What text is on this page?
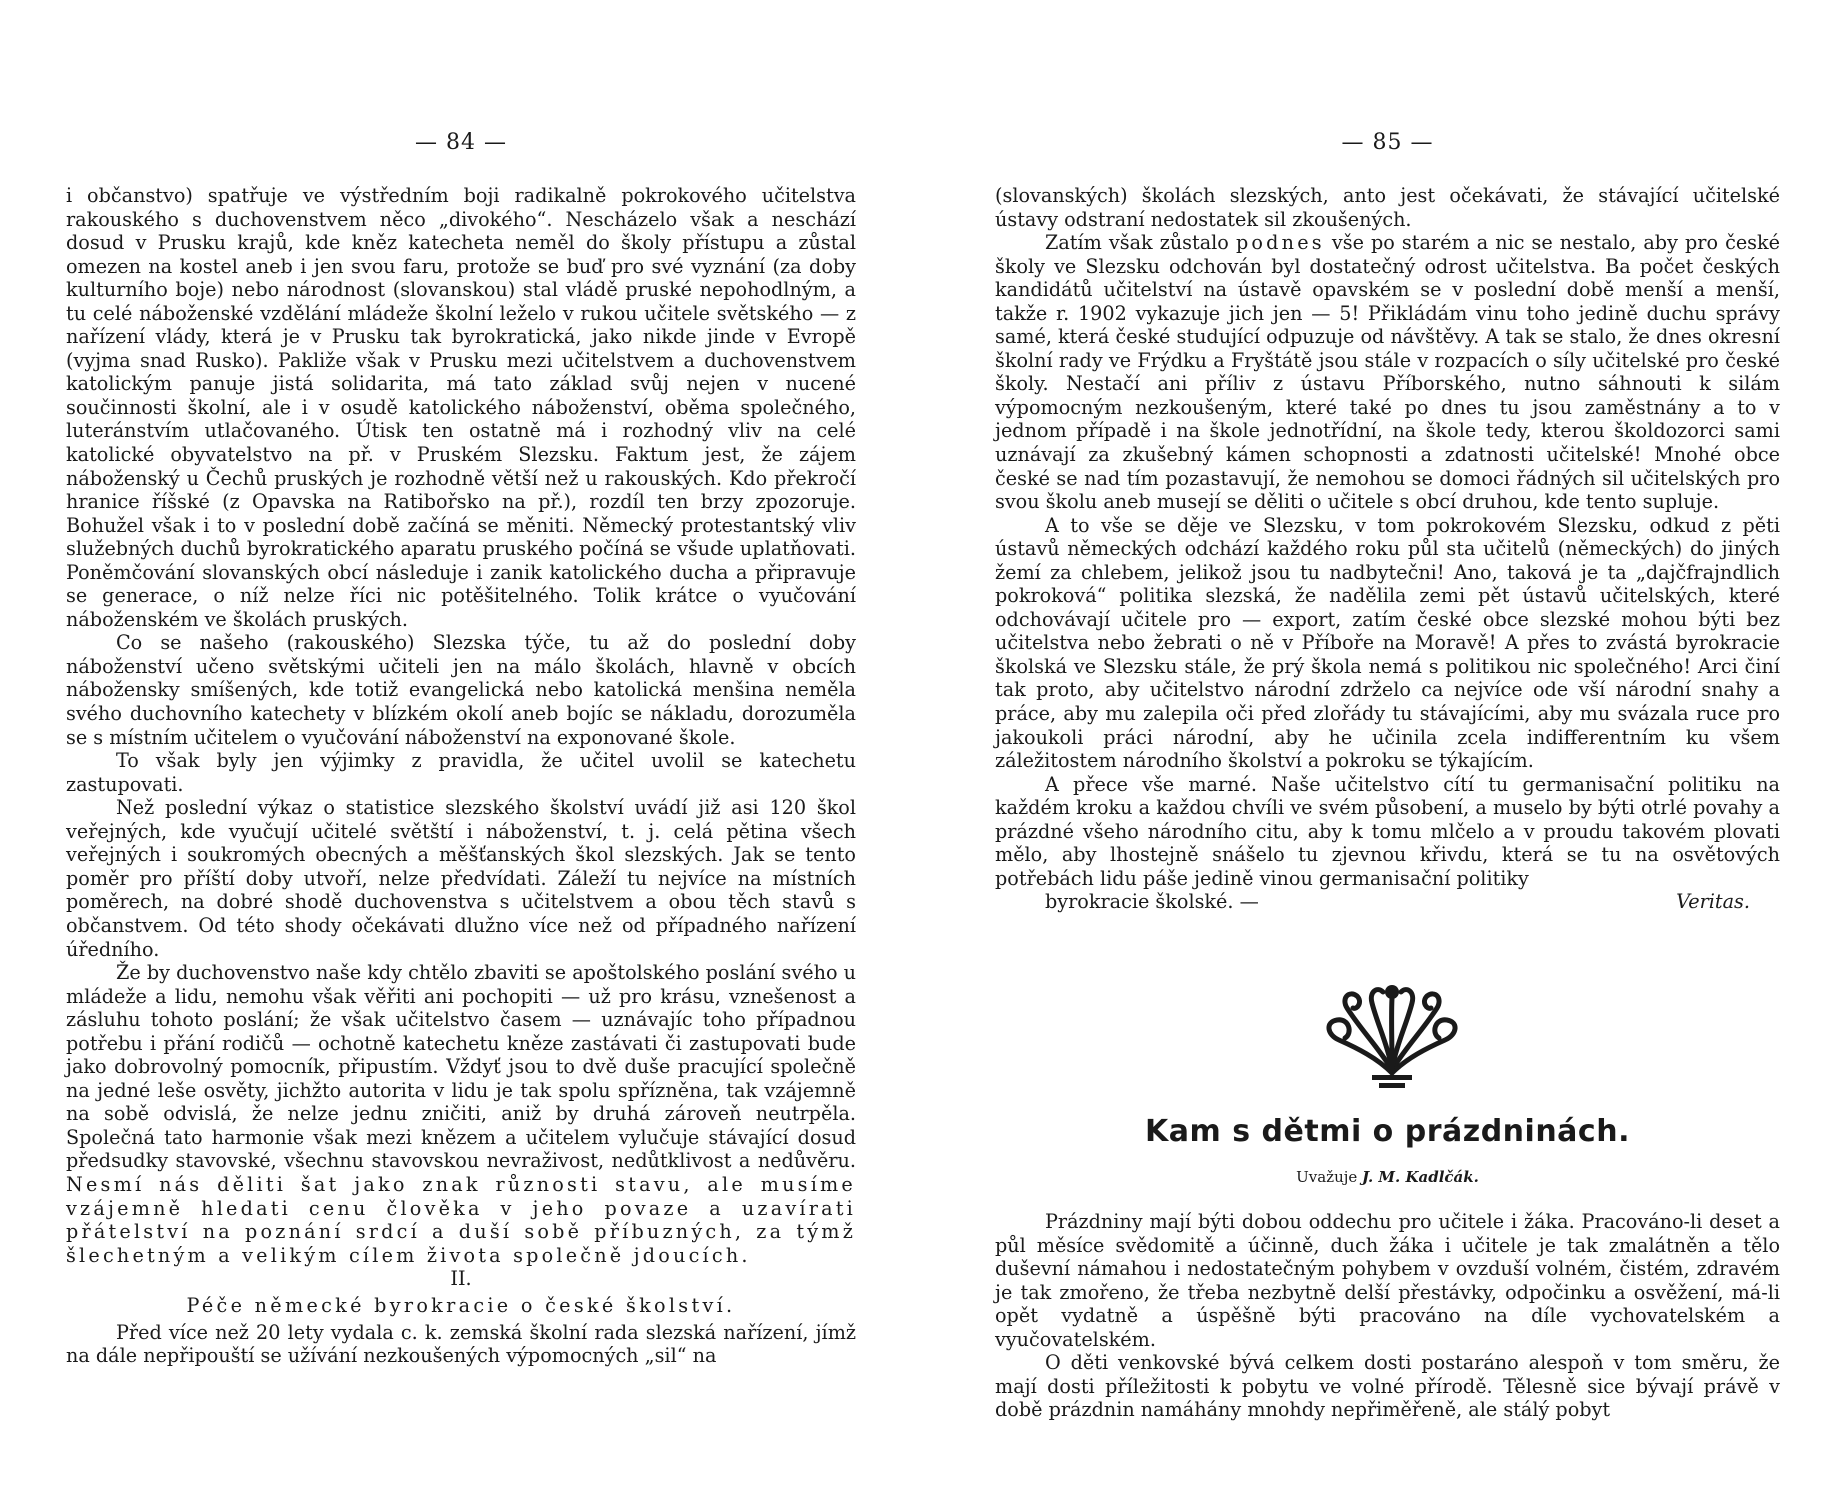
— 84 —

i občanstvo) spatřuje ve výstředním boji radikalně pokrokového učitelstva rakouského s duchovenstvem něco „divokého“. Nescházelo však a neschází dosud v Prusku krajů, kde kněz katecheta neměl do školy přístupu a zůstal omezen na kostel aneb i jen svou faru, protože se buď pro své vyznání (za doby kulturního boje) nebo národnost (slovanskou) stal vládě pruské nepohodlným, a tu celé náboženské vzdělání mládeže školní leželo v rukou učitele světského — z nařízení vlády, která je v Prusku tak byrokratická, jako nikde jinde v Evropě (vyjma snad Rusko). Pakliže však v Prusku mezi učitelstvem a duchovenstvem katolickým panuje jistá solidarita, má tato základ svůj nejen v nucené součinnosti školní, ale i v osudě katolického náboženství, oběma společného, luteránstvím utlačovaného. Útisk ten ostatně má i rozhodný vliv na celé katolické obyvatelstvo na př. v Pruském Slezsku. Faktum jest, že zájem náboženský u Čechů pruských je rozhodně větší než u rakouských. Kdo překročí hranice říšské (z Opavska na Ratibořsko na př.), rozdíl ten brzy zpozoruje. Bohužel však i to v poslední době začíná se měniti. Německý protestantský vliv služebných duchů byrokratického aparatu pruského počíná se všude uplatňovati. Poněmčování slovanských obcí následuje i zanik katolického ducha a připravuje se generace, o níž nelze říci nic potěšitelného. Tolik krátce o vyučování náboženském ve školách pruských.

Co se našeho (rakouského) Slezska týče, tu až do poslední doby náboženství učeno světskými učiteli jen na málo školách, hlavně v obcích nábožensky smíšených, kde totiž evangelická nebo katolická menšina neměla svého duchovního katechety v blízkém okolí aneb bojíc se nákladu, dorozuměla se s místním učitelem o vyučování náboženství na exponované škole.

To však byly jen výjimky z pravidla, že učitel uvolil se katechetu zastupovati.

Než poslední výkaz o statistice slezského školství uvádí již asi 120 škol veřejných, kde vyučují učitelé světští i náboženství, t. j. celá pětina všech veřejných i soukromých obecných a měšťanských škol slezských. Jak se tento poměr pro příští doby utvoří, nelze předvídati. Záleží tu nejvíce na místních poměrech, na dobré shodě duchovenstva s učitelstvem a obou těch stavů s občanstvem. Od této shody očekávati dlužno více než od případného nařízení úředního.

Že by duchovenstvo naše kdy chtělo zbaviti se apoštolského poslání svého u mládeže a lidu, nemohu však věřiti ani pochopiti — už pro krásu, vznešenost a zásluhu tohoto poslání; že však učitelstvo časem — uznávajíc toho případnou potřebu i přání rodičů — ochotně katechetu kněze zastávati či zastupovati bude jako dobrovolný pomocník, připustím. Vždyť jsou to dvě duše pracující společně na jedné leše osvěty, jichžto autorita v lidu je tak spolu spřízněna, tak vzájemně na sobě odvislá, že nelze jednu zničiti, aniž by druhá zároveň neutrpěla. Společná tato harmonie však mezi knězem a učitelem vylučuje stávající dosud předsudky stavovské, všechnu stavovskou nevraživost, nedůtklivost a nedůvěru. Nesmí nás děliti šat jako znak různosti stavu, ale musíme vzájemně hledati cenu člověka v jeho povaze a uzavírati přátelství na poznání srdcí a duší sobě příbuzných, za týmž šlechetným a velikým cílem života společně jdoucích.

II.
Péče německé byrokracie o české školství.

Před více než 20 lety vydala c. k. zemská školní rada slezská nařízení, jímž na dále nepřipouští se užívání nezkoušených výpomocných „sil“ na

— 85 —

(slovanských) školách slezských, anto jest očekávati, že stávající učitelské ústavy odstraní nedostatek sil zkoušených.

Zatím však zůstalo podnes vše po starém a nic se nestalo, aby pro české školy ve Slezsku odchován byl dostatečný odrost učitelstva. Ba počet českých kandidátů učitelství na ústavě opavském se v poslední době menší a menší, takže r. 1902 vykazuje jich jen — 5! Přikládám vinu toho jedině duchu správy samé, která české studující odpuzuje od návštěvy. A tak se stalo, že dnes okresní školní rady ve Frýdku a Fryštátě jsou stále v rozpacích o síly učitelské pro české školy. Nestačí ani příliv z ústavu Příborského, nutno sáhnouti k silám výpomocným nezkoušeným, které také po dnes tu jsou zaměstnány a to v jednom případě i na škole jednotřídní, na škole tedy, kterou školdozorci sami uznávají za zkušebný kámen schopnosti a zdatnosti učitelské! Mnohé obce české se nad tím pozastavují, že nemohou se domoci řádných sil učitelských pro svou školu aneb musejí se děliti o učitele s obcí druhou, kde tento supluje.

A to vše se děje ve Slezsku, v tom pokrokovém Slezsku, odkud z pěti ústavů německých odchází každého roku půl sta učitelů (německých) do jiných žemí za chlebem, jelikož jsou tu nadbytečni! Ano, taková je ta „dajčfrajndlich pokroková“ politika slezská, že nadělila zemi pět ústavů učitelských, které odchovávají učitele pro — export, zatím české obce slezské mohou býti bez učitelstva nebo žebrati o ně v Příboře na Moravě! A přes to zvástá byrokracie školská ve Slezsku stále, že prý škola nemá s politikou nic společného! Arci činí tak proto, aby učitelstvo národní zdrželo ca nejvíce ode vší národní snahy a práce, aby mu zalepila oči před zlořády tu stávajícími, aby mu svázala ruce pro jakoukoli práci národní, aby he učinila zcela indifferentním ku všem záležitostem národního školství a pokroku se týkajícím.

A přece vše marné. Naše učitelstvo cítí tu germanisační politiku na každém kroku a každou chvíli ve svém působení, a muselo by býti otrlé povahy a prázdné všeho národního citu, aby k tomu mlčelo a v proudu takovém plovati mělo, aby lhostejně snášelo tu zjevnou křivdu, která se tu na osvětových potřebách lidu páše jedině vinou germanisační politiky
byrokracie školské. —	Veritas.

Kam s dětmi o prázdninách.
Uvažuje J. M. Kadlčák.

Prázdniny mají býti dobou oddechu pro učitele i žáka. Pracováno-li deset a půl měsíce svědomitě a účinně, duch žáka i učitele je tak zmalátněn a tělo duševní námahou i nedostatečným pohybem v ovzduší volném, čistém, zdravém je tak zmořeno, že třeba nezbytně delší přestávky, odpočinku a osvěžení, má-li opět vydatně a úspěšně býti pracováno na díle vychovatelském a vyučovatelském.

O děti venkovské bývá celkem dosti postaráno alespoň v tom směru, že mají dosti příležitosti k pobytu ve volné přírodě. Tělesně sice bývají právě v době prázdnin namáhány mnohdy nepřiměřeně, ale stálý pobyt
